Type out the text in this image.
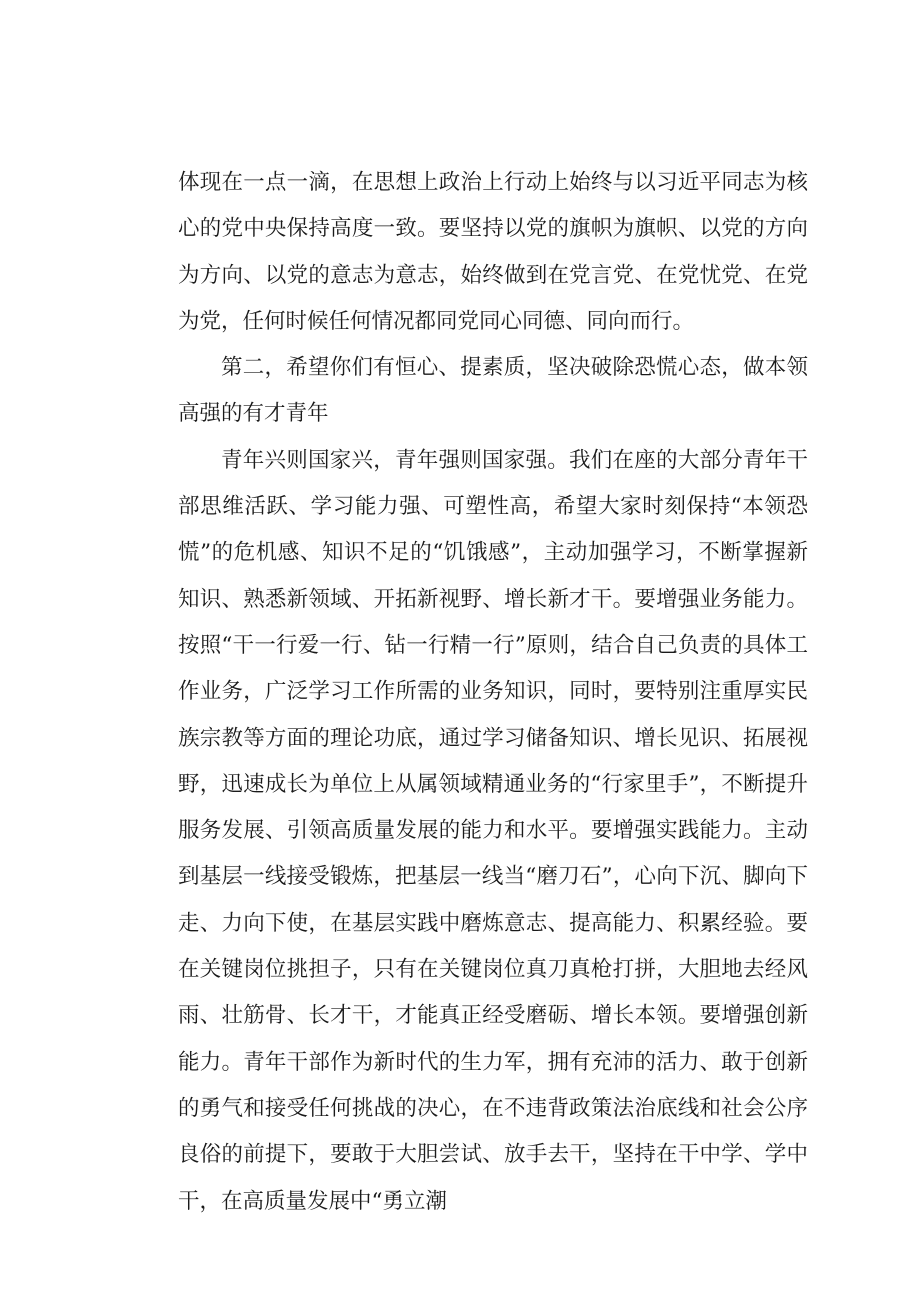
体现在一点一滴，在思想上政治上行动上始终与以习近平同志为核心的党中央保持高度一致。要坚持以党的旗帜为旗帜、以党的方向为方向、以党的意志为意志，始终做到在党言党、在党忧党、在党为党，任何时候任何情况都同党同心同德、同向而行。

第二，希望你们有恒心、提素质，坚决破除恐慌心态，做本领高强的有才青年

青年兴则国家兴，青年强则国家强。我们在座的大部分青年干部思维活跃、学习能力强、可塑性高，希望大家时刻保持“本领恐慌”的危机感、知识不足的“饥饿感”，主动加强学习，不断掌握新知识、熟悉新领域、开拓新视野、增长新才干。要增强业务能力。按照“干一行爱一行、钻一行精一行”原则，结合自己负责的具体工作业务，广泛学习工作所需的业务知识，同时，要特别注重厚实民族宗教等方面的理论功底，通过学习储备知识、增长见识、拓展视野，迅速成长为单位上从属领域精通业务的“行家里手”，不断提升服务发展、引领高质量发展的能力和水平。要增强实践能力。主动到基层一线接受锻炼，把基层一线当“磨刀石”，心向下沉、脚向下走、力向下使，在基层实践中磨炼意志、提高能力、积累经验。要在关键岗位挑担子，只有在关键岗位真刀真枪打拼，大胆地去经风雨、壮筋骨、长才干，才能真正经受磨砺、增长本领。要增强创新能力。青年干部作为新时代的生力军，拥有充沛的活力、敢于创新的勇气和接受任何挑战的决心，在不违背政策法治底线和社会公序良俗的前提下，要敢于大胆尝试、放手去干，坚持在干中学、学中干，在高质量发展中“勇立潮
